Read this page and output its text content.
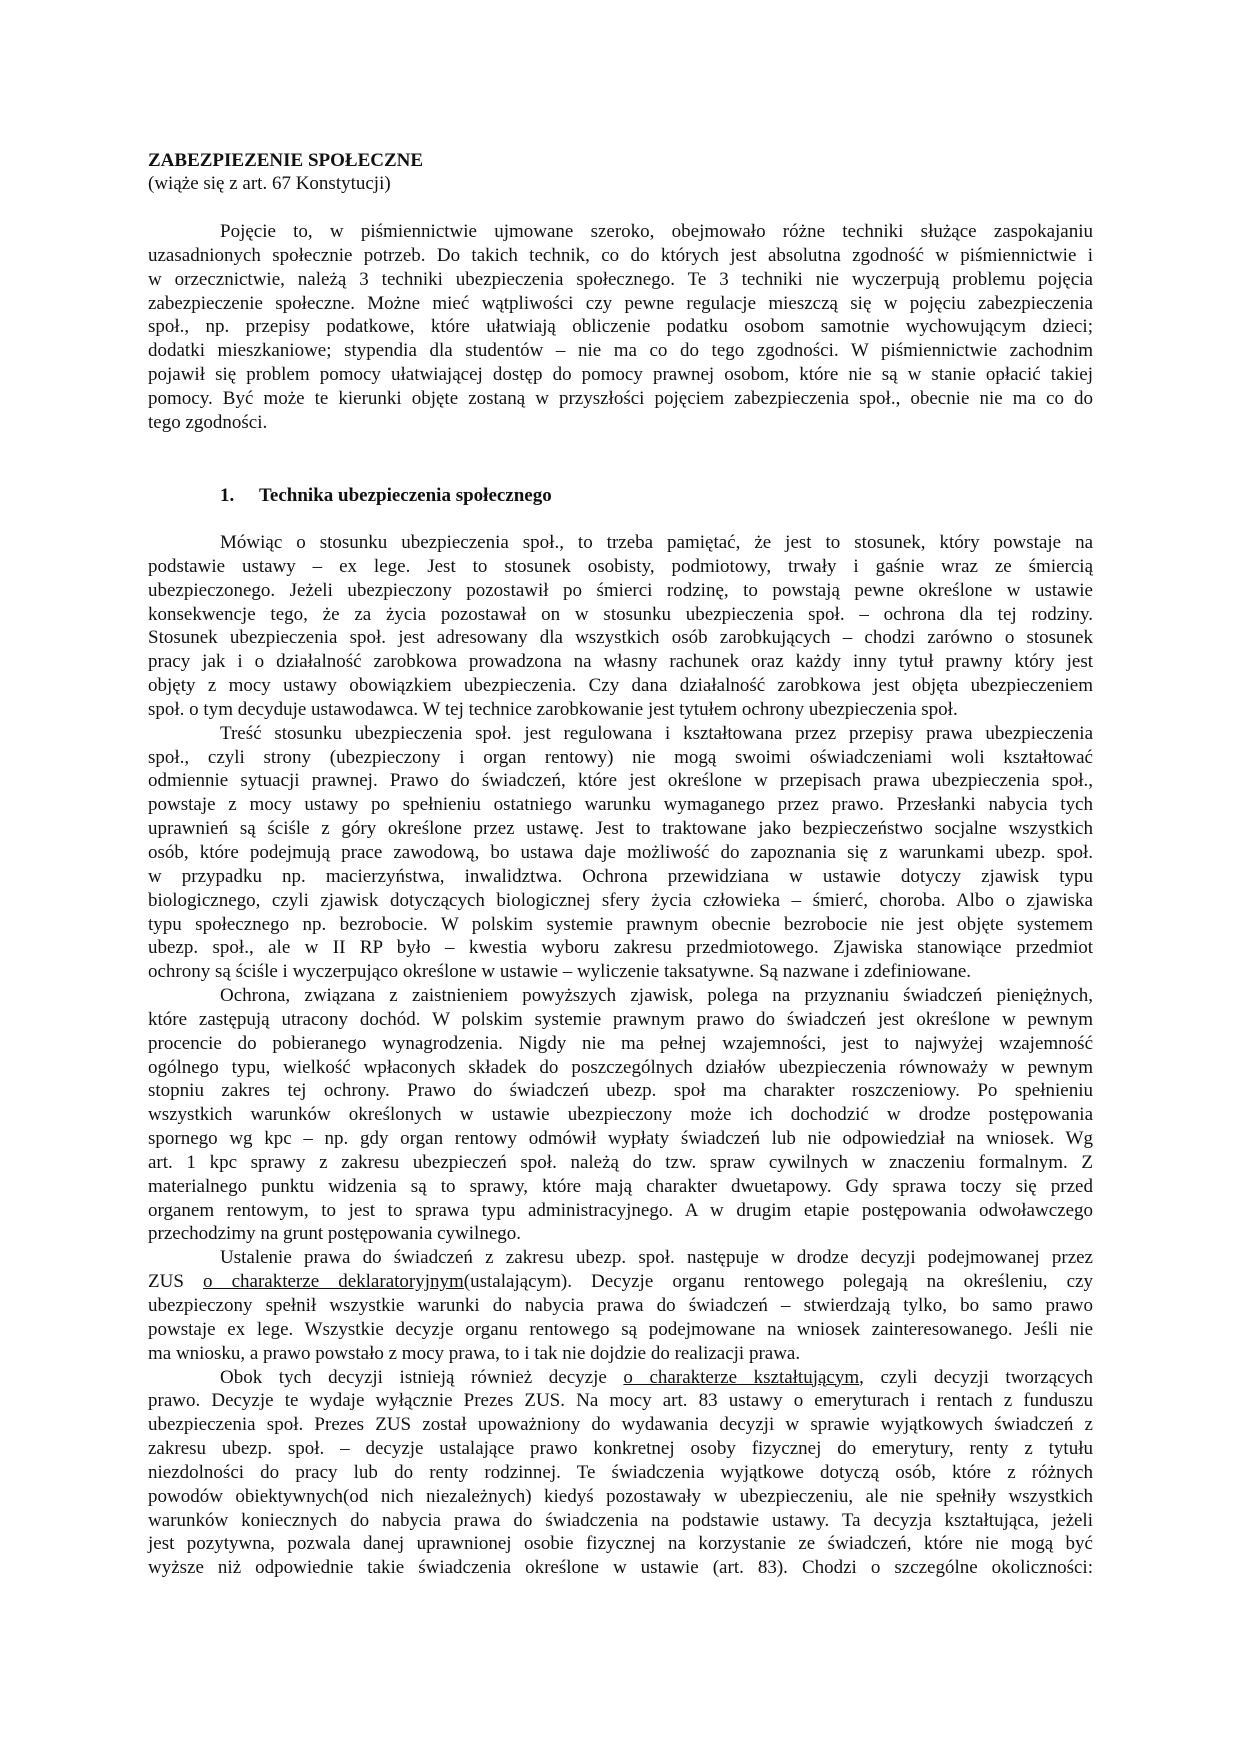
ZABEZPIEZENIE SPOŁECZNE
(wiąże się z art. 67 Konstytucji)
Pojęcie to, w piśmiennictwie ujmowane szeroko, obejmowało różne techniki służące zaspokajaniu
uzasadnionych społecznie potrzeb. Do takich technik, co do których jest absolutna zgodność w piśmiennictwie i
w orzecznictwie, należą 3 techniki ubezpieczenia społecznego. Te 3 techniki nie wyczerpują problemu pojęcia
zabezpieczenie społeczne. Możne mieć wątpliwości czy pewne regulacje mieszczą się w pojęciu zabezpieczenia
społ., np. przepisy podatkowe, które ułatwiają obliczenie podatku osobom samotnie wychowującym dzieci;
dodatki mieszkaniowe; stypendia dla studentów – nie ma co do tego zgodności. W piśmiennictwie zachodnim
pojawił się problem pomocy ułatwiającej dostęp do pomocy prawnej osobom, które nie są w stanie opłacić takiej
pomocy. Być może te kierunki objęte zostaną w przyszłości pojęciem zabezpieczenia społ., obecnie nie ma co do
tego zgodności.
1. Technika ubezpieczenia społecznego
Mówiąc o stosunku ubezpieczenia społ., to trzeba pamiętać, że jest to stosunek, który powstaje na
podstawie ustawy – ex lege. Jest to stosunek osobisty, podmiotowy, trwały i gaśnie wraz ze śmiercią
ubezpieczonego. Jeżeli ubezpieczony pozostawił po śmierci rodzinę, to powstają pewne określone w ustawie
konsekwencje tego, że za życia pozostawał on w stosunku ubezpieczenia społ. – ochrona dla tej rodziny.
Stosunek ubezpieczenia społ. jest adresowany dla wszystkich osób zarobkujących – chodzi zarówno o stosunek
pracy jak i o działalność zarobkowa prowadzona na własny rachunek oraz każdy inny tytuł prawny który jest
objęty z mocy ustawy obowiązkiem ubezpieczenia. Czy dana działalność zarobkowa jest objęta ubezpieczeniem
społ. o tym decyduje ustawodawca. W tej technice zarobkowanie jest tytułem ochrony ubezpieczenia społ.
Treść stosunku ubezpieczenia społ. jest regulowana i kształtowana przez przepisy prawa ubezpieczenia
społ., czyli strony (ubezpieczony i organ rentowy) nie mogą swoimi oświadczeniami woli kształtować
odmiennie sytuacji prawnej. Prawo do świadczeń, które jest określone w przepisach prawa ubezpieczenia społ.,
powstaje z mocy ustawy po spełnieniu ostatniego warunku wymaganego przez prawo. Przesłanki nabycia tych
uprawnień są ściśle z góry określone przez ustawę. Jest to traktowane jako bezpieczeństwo socjalne wszystkich
osób, które podejmują prace zawodową, bo ustawa daje możliwość do zapoznania się z warunkami ubezp. społ.
w przypadku np. macierzyństwa, inwalidztwa. Ochrona przewidziana w ustawie dotyczy zjawisk typu
biologicznego, czyli zjawisk dotyczących biologicznej sfery życia człowieka – śmierć, choroba. Albo o zjawiska
typu społecznego np. bezrobocie. W polskim systemie prawnym obecnie bezrobocie nie jest objęte systemem
ubezp. społ., ale w II RP było – kwestia wyboru zakresu przedmiotowego. Zjawiska stanowiące przedmiot
ochrony są ściśle i wyczerpująco określone w ustawie – wyliczenie taksatywne. Są nazwane i zdefiniowane.
Ochrona, związana z zaistnieniem powyższych zjawisk, polega na przyznaniu świadczeń pieniężnych,
które zastępują utracony dochód. W polskim systemie prawnym prawo do świadczeń jest określone w pewnym
procencie do pobieranego wynagrodzenia. Nigdy nie ma pełnej wzajemności, jest to najwyżej wzajemność
ogólnego typu, wielkość wpłaconych składek do poszczególnych działów ubezpieczenia równoważy w pewnym
stopniu zakres tej ochrony. Prawo do świadczeń ubezp. społ ma charakter roszczeniowy. Po spełnieniu
wszystkich warunków określonych w ustawie ubezpieczony może ich dochodzić w drodze postępowania
spornego wg kpc – np. gdy organ rentowy odmówił wypłaty świadczeń lub nie odpowiedział na wniosek. Wg
art. 1 kpc sprawy z zakresu ubezpieczeń społ. należą do tzw. spraw cywilnych w znaczeniu formalnym. Z
materialnego punktu widzenia są to sprawy, które mają charakter dwuetapowy. Gdy sprawa toczy się przed
organem rentowym, to jest to sprawa typu administracyjnego. A w drugim etapie postępowania odwoławczego
przechodzimy na grunt postępowania cywilnego.
Ustalenie prawa do świadczeń z zakresu ubezp. społ. następuje w drodze decyzji podejmowanej przez
ZUS o charakterze deklaratoryjnym(ustalającym). Decyzje organu rentowego polegają na określeniu, czy
ubezpieczony spełnił wszystkie warunki do nabycia prawa do świadczeń – stwierdzają tylko, bo samo prawo
powstaje ex lege. Wszystkie decyzje organu rentowego są podejmowane na wniosek zainteresowanego. Jeśli nie
ma wniosku, a prawo powstało z mocy prawa, to i tak nie dojdzie do realizacji prawa.
Obok tych decyzji istnieją również decyzje o charakterze kształtującym, czyli decyzji tworzących
prawo. Decyzje te wydaje wyłącznie Prezes ZUS. Na mocy art. 83 ustawy o emeryturach i rentach z funduszu
ubezpieczenia społ. Prezes ZUS został upoważniony do wydawania decyzji w sprawie wyjątkowych świadczeń z
zakresu ubezp. społ. – decyzje ustalające prawo konkretnej osoby fizycznej do emerytury, renty z tytułu
niezdolności do pracy lub do renty rodzinnej. Te świadczenia wyjątkowe dotyczą osób, które z różnych
powodów obiektywnych(od nich niezależnych) kiedyś pozostawały w ubezpieczeniu, ale nie spełniły wszystkich
warunków koniecznych do nabycia prawa do świadczenia na podstawie ustawy. Ta decyzja kształtująca, jeżeli
jest pozytywna, pozwala danej uprawnionej osobie fizycznej na korzystanie ze świadczeń, które nie mogą być
wyższe niż odpowiednie takie świadczenia określone w ustawie (art. 83). Chodzi o szczególne okoliczności:
